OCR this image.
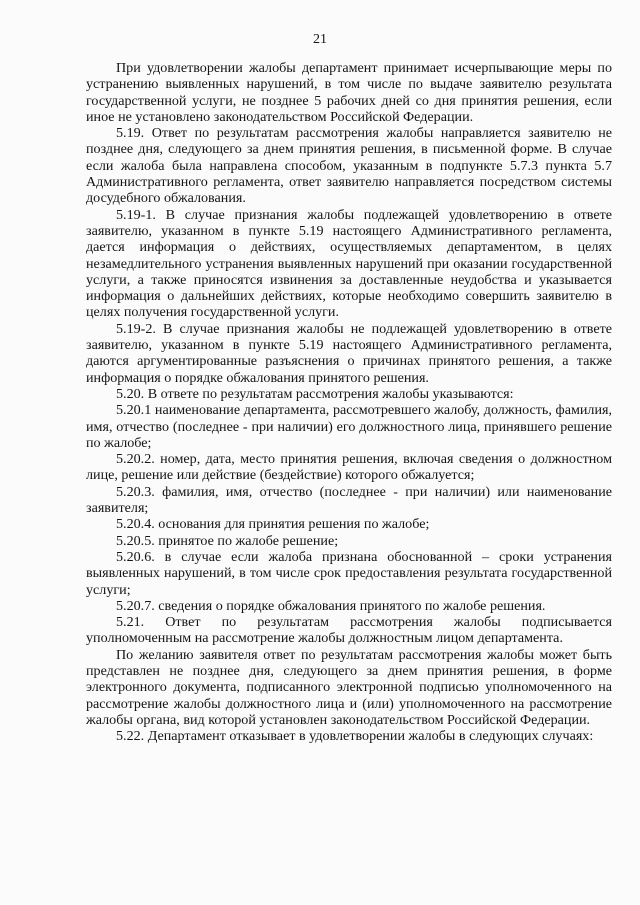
21

При удовлетворении жалобы департамент принимает исчерпывающие меры по устранению выявленных нарушений, в том числе по выдаче заявителю результата государственной услуги, не позднее 5 рабочих дней со дня принятия решения, если иное не установлено законодательством Российской Федерации.

5.19. Ответ по результатам рассмотрения жалобы направляется заявителю не позднее дня, следующего за днем принятия решения, в письменной форме. В случае если жалоба была направлена способом, указанным в подпункте 5.7.3 пункта 5.7 Административного регламента, ответ заявителю направляется посредством системы досудебного обжалования.

5.19-1. В случае признания жалобы подлежащей удовлетворению в ответе заявителю, указанном в пункте 5.19 настоящего Административного регламента, дается информация о действиях, осуществляемых департаментом, в целях незамедлительного устранения выявленных нарушений при оказании государственной услуги, а также приносятся извинения за доставленные неудобства и указывается информация о дальнейших действиях, которые необходимо совершить заявителю в целях получения государственной услуги.

5.19-2. В случае признания жалобы не подлежащей удовлетворению в ответе заявителю, указанном в пункте 5.19 настоящего Административного регламента, даются аргументированные разъяснения о причинах принятого решения, а также информация о порядке обжалования принятого решения.

5.20. В ответе по результатам рассмотрения жалобы указываются:

5.20.1 наименование департамента, рассмотревшего жалобу, должность, фамилия, имя, отчество (последнее - при наличии) его должностного лица, принявшего решение по жалобе;

5.20.2. номер, дата, место принятия решения, включая сведения о должностном лице, решение или действие (бездействие) которого обжалуется;

5.20.3. фамилия, имя, отчество (последнее - при наличии) или наименование заявителя;

5.20.4. основания для принятия решения по жалобе;

5.20.5. принятое по жалобе решение;

5.20.6. в случае если жалоба признана обоснованной – сроки устранения выявленных нарушений, в том числе срок предоставления результата государственной услуги;

5.20.7. сведения о порядке обжалования принятого по жалобе решения.

5.21. Ответ по результатам рассмотрения жалобы подписывается уполномоченным на рассмотрение жалобы должностным лицом департамента.

По желанию заявителя ответ по результатам рассмотрения жалобы может быть представлен не позднее дня, следующего за днем принятия решения, в форме электронного документа, подписанного электронной подписью уполномоченного на рассмотрение жалобы должностного лица и (или) уполномоченного на рассмотрение жалобы органа, вид которой установлен законодательством Российской Федерации.

5.22. Департамент отказывает в удовлетворении жалобы в следующих случаях:
